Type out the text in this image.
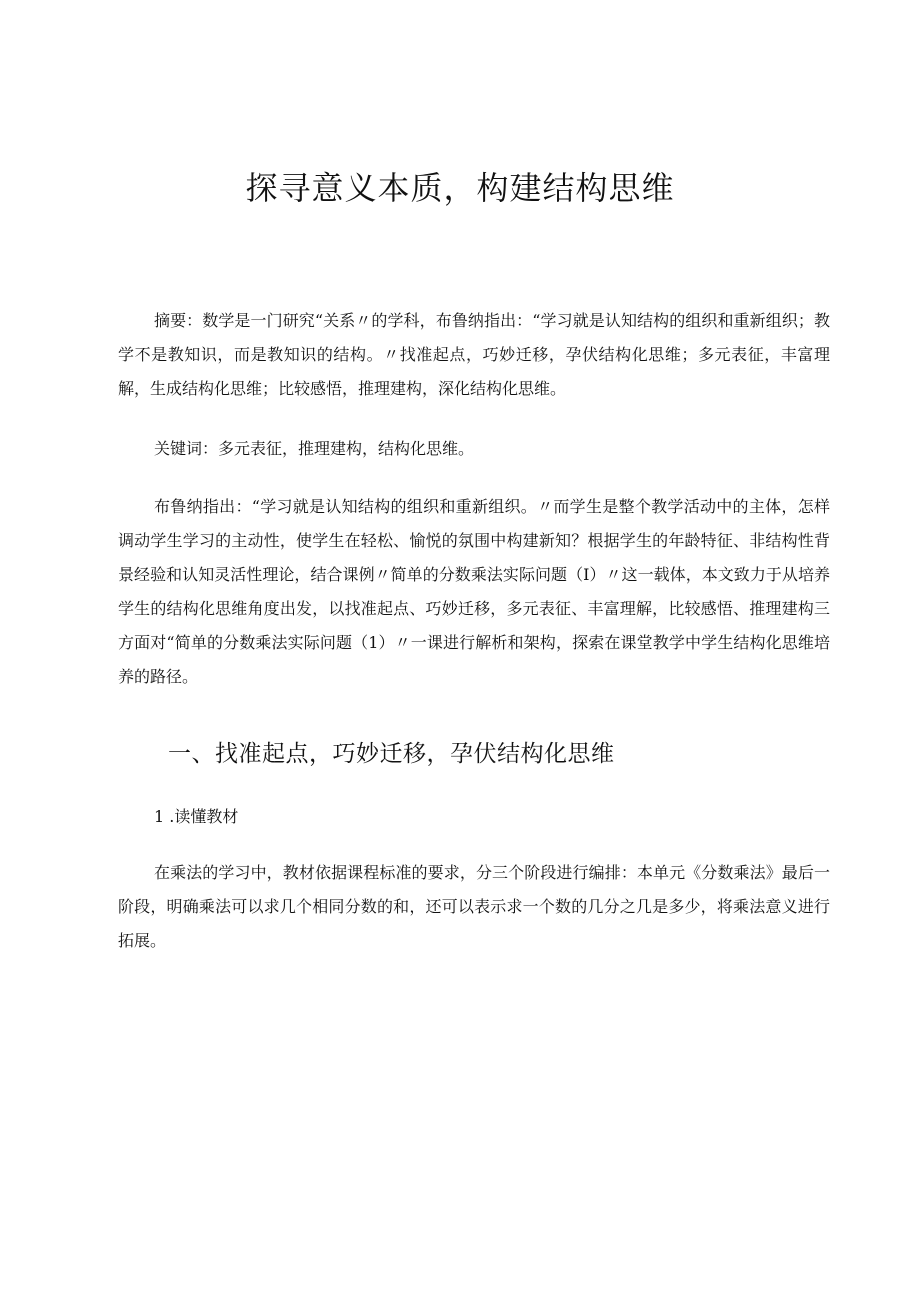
探寻意义本质，构建结构思维

摘要：数学是一门研究“关系〃的学科，布鲁纳指出：“学习就是认知结构的组织和重新组织；教学不是教知识，而是教知识的结构。〃找准起点，巧妙迁移，孕伏结构化思维；多元表征，丰富理解，生成结构化思维；比较感悟，推理建构，深化结构化思维。

关键词：多元表征，推理建构，结构化思维。

布鲁纳指出：“学习就是认知结构的组织和重新组织。〃而学生是整个教学活动中的主体，怎样调动学生学习的主动性，使学生在轻松、愉悦的氛围中构建新知？根据学生的年龄特征、非结构性背景经验和认知灵活性理论，结合课例〃简单的分数乘法实际问题（I）〃这一载体，本文致力于从培养学生的结构化思维角度出发，以找准起点、巧妙迁移，多元表征、丰富理解，比较感悟、推理建构三方面对“简单的分数乘法实际问题（1）〃一课进行解析和架构，探索在课堂教学中学生结构化思维培养的路径。

一、找准起点，巧妙迁移，孕伏结构化思维

1 .读懂教材

在乘法的学习中，教材依据课程标准的要求，分三个阶段进行编排：本单元《分数乘法》最后一阶段，明确乘法可以求几个相同分数的和，还可以表示求一个数的几分之几是多少，将乘法意义进行拓展。
